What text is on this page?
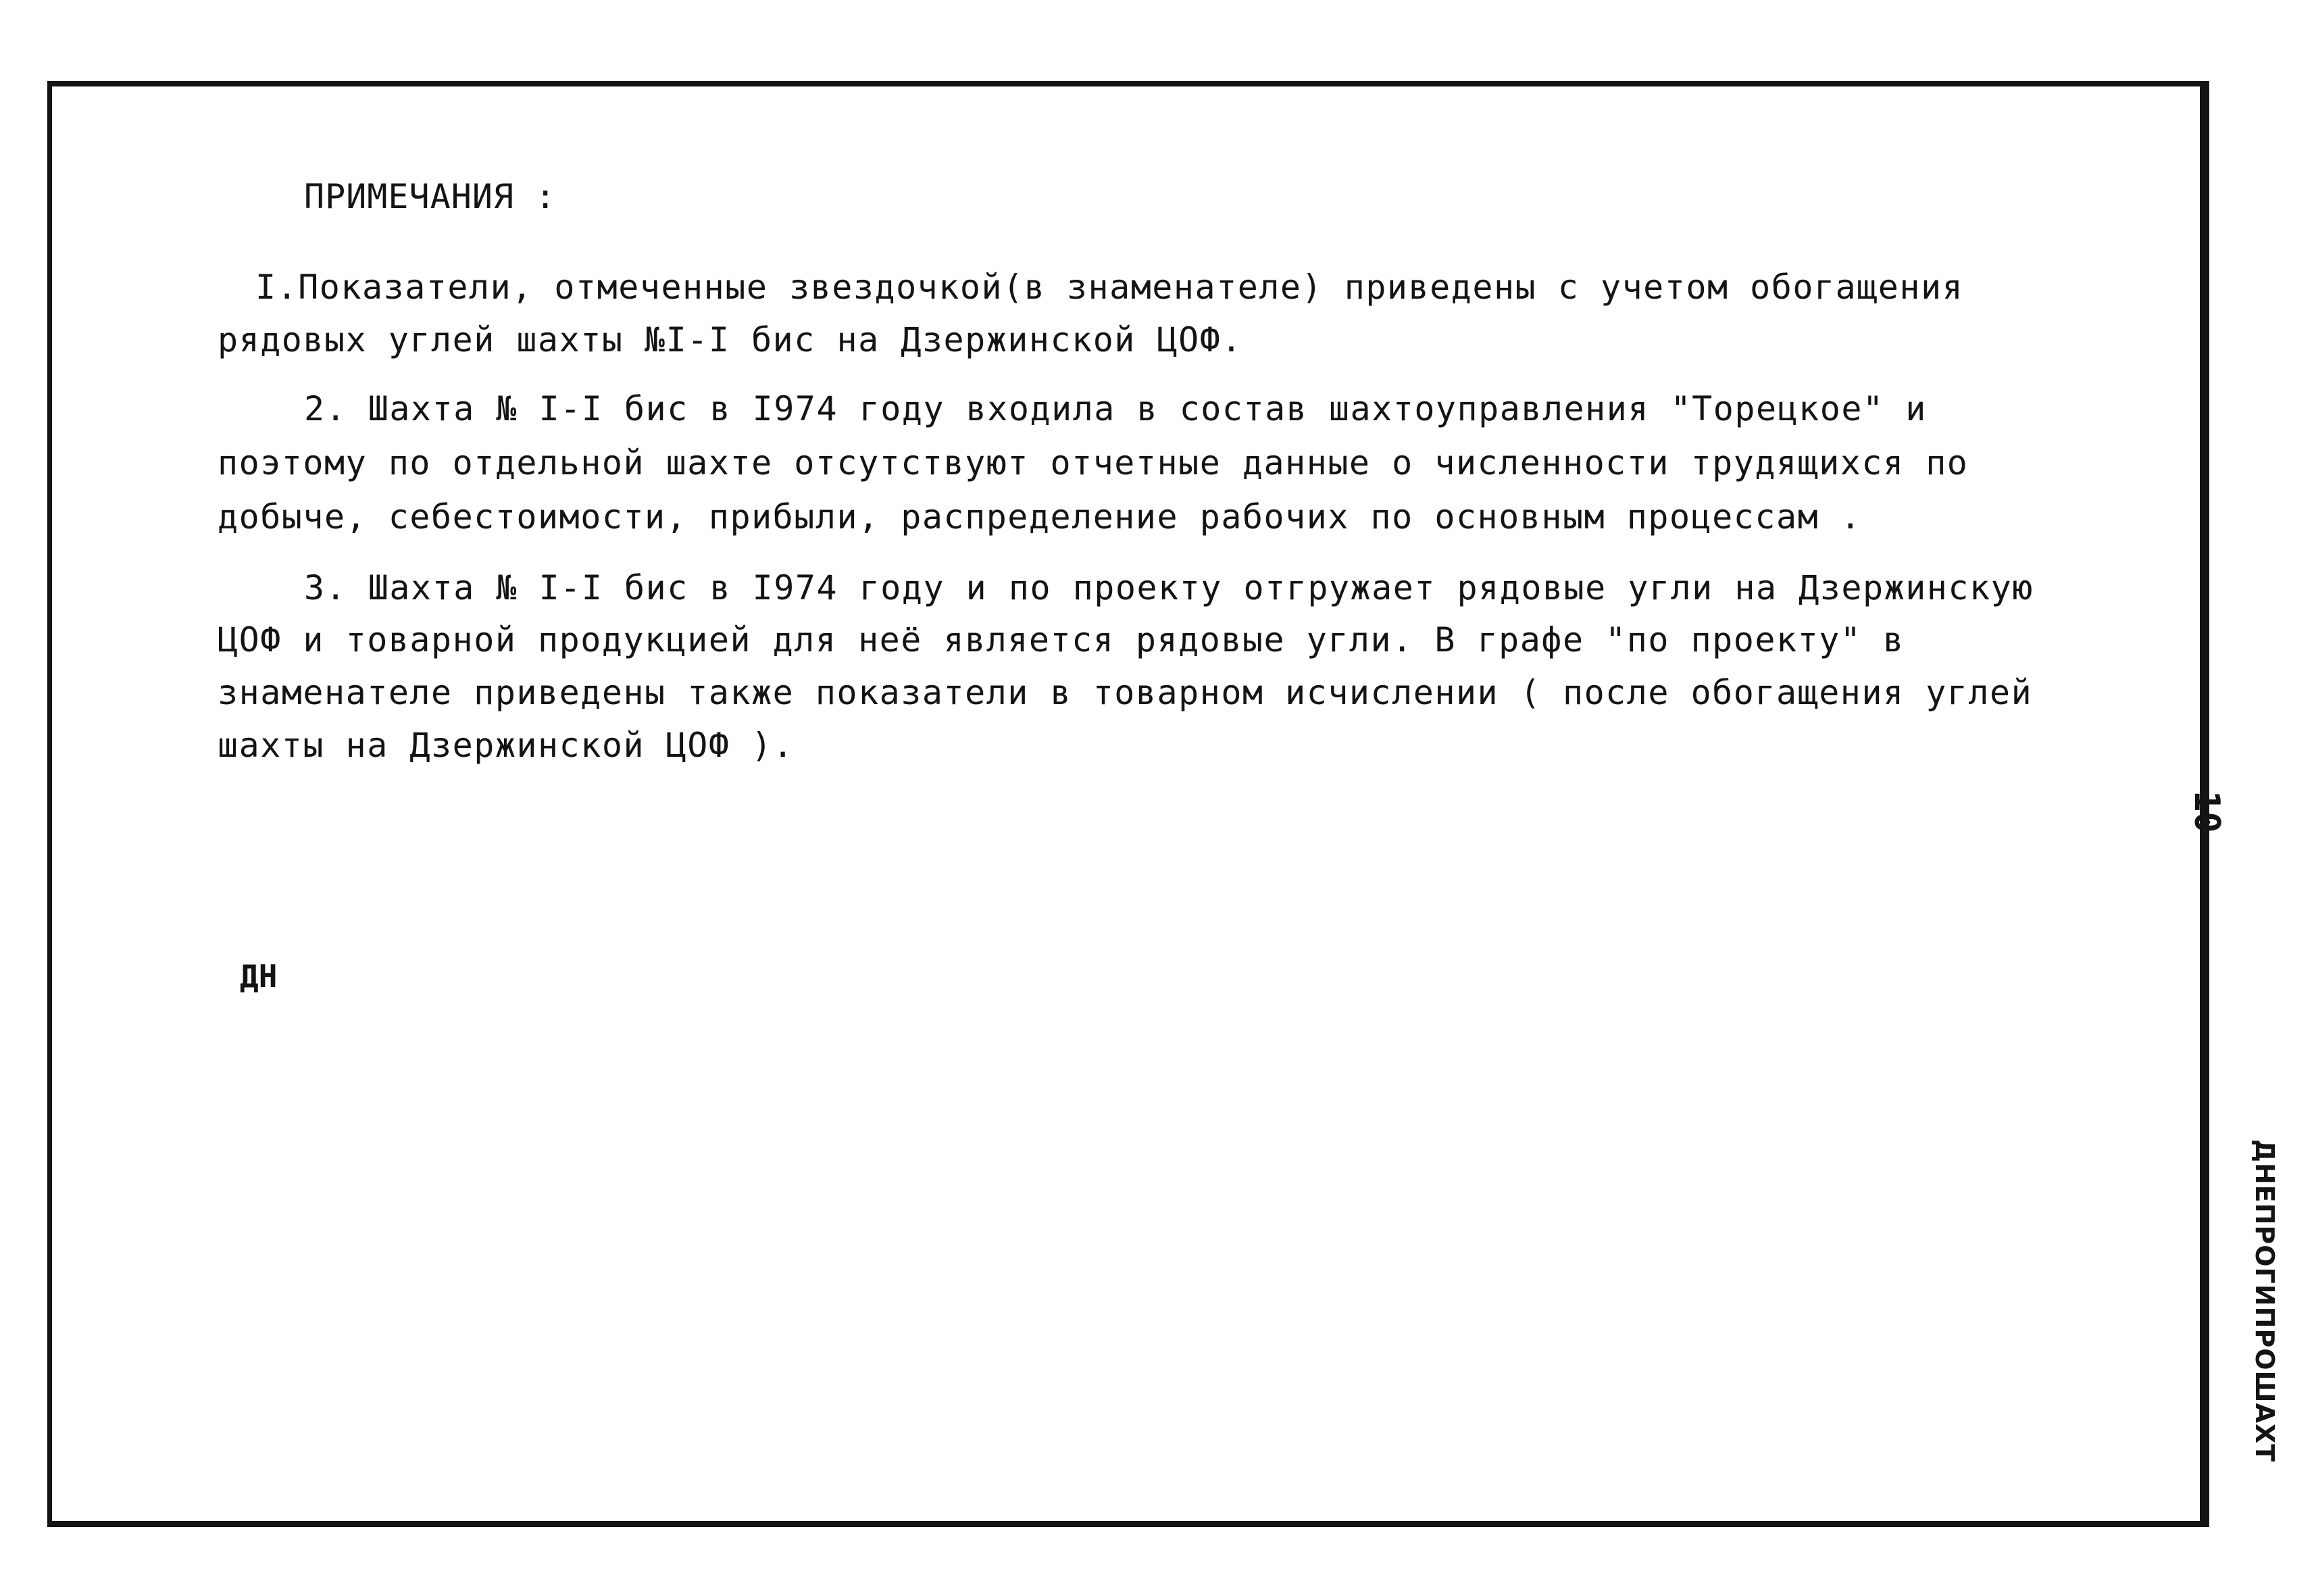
ПРИМЕЧАНИЯ :
I.Показатели, отмеченные звездочкой(в знаменателе) приведены с учетом обогащения
рядовых углей шахты №I-I бис на Дзержинской ЦОФ.
2. Шахта № I-I бис в I974 году входила в состав шахтоуправления "Торецкое" и
поэтому по отдельной шахте отсутствуют отчетные данные о численности трудящихся по
добыче, себестоимости, прибыли, распределение рабочих по основным процессам .
3. Шахта № I-I бис в I974 году и по проекту отгружает рядовые угли на Дзержинскую
ЦОФ и товарной продукцией для неё является рядовые угли. В графе "по проекту" в
знаменателе приведены также показатели в товарном исчислении ( после обогащения углей
шахты на Дзержинской ЦОФ ).
ДН
10
ДНЕПРОГИПРОШАХТ
